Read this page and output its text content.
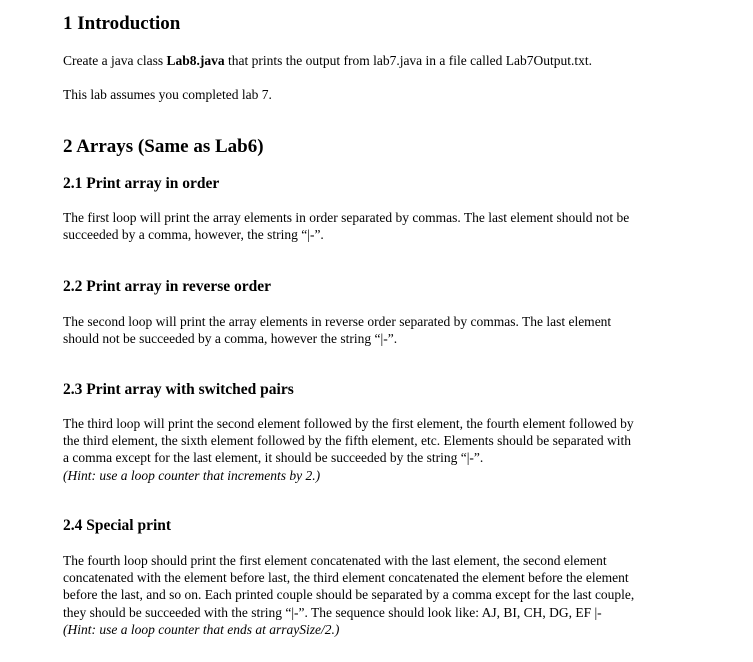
1 Introduction
Create a java class Lab8.java that prints the output from lab7.java in a file called Lab7Output.txt.
This lab assumes you completed lab 7.
2 Arrays (Same as Lab6)
2.1 Print array in order
The first loop will print the array elements in order separated by commas. The last element should not be
succeeded by a comma, however, the string “|-”.
2.2 Print array in reverse order
The second loop will print the array elements in reverse order separated by commas. The last element
should not be succeeded by a comma, however the string “|-”.
2.3 Print array with switched pairs
The third loop will print the second element followed by the first element, the fourth element followed by
the third element, the sixth element followed by the fifth element, etc. Elements should be separated with
a comma except for the last element, it should be succeeded by the string “|-”.
(Hint: use a loop counter that increments by 2.)
2.4 Special print
The fourth loop should print the first element concatenated with the last element, the second element
concatenated with the element before last, the third element concatenated the element before the element
before the last, and so on. Each printed couple should be separated by a comma except for the last couple,
they should be succeeded with the string “|-”. The sequence should look like: AJ, BI, CH, DG, EF |-
(Hint: use a loop counter that ends at arraySize/2.)
